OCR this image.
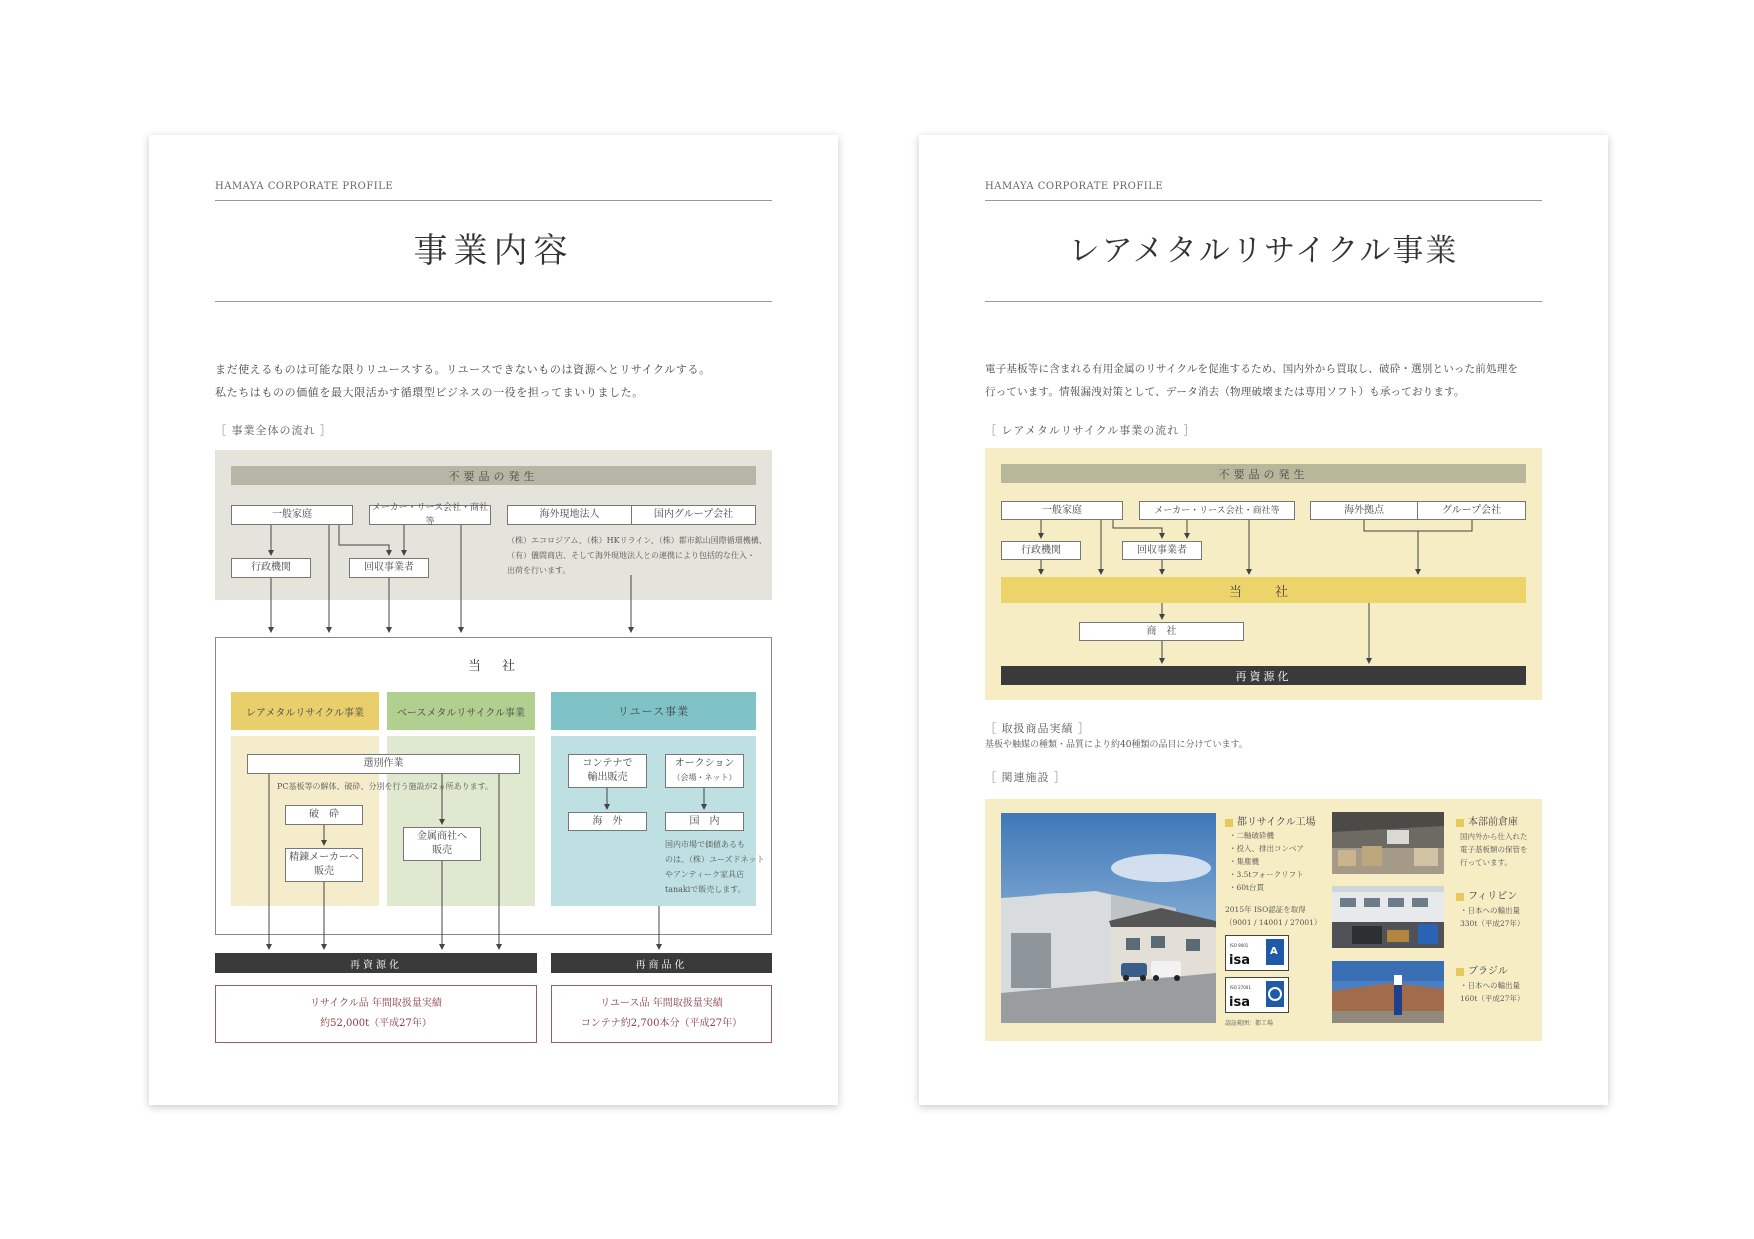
HAMAYA CORPORATE PROFILE
事業内容
まだ使えるものは可能な限りリユースする。リユースできないものは資源へとリサイクルする。
私たちはものの価値を最大限活かす循環型ビジネスの一役を担ってまいりました。
［ 事業全体の流れ ］
不要品の発生
一般家庭
メーカー・リース会社・商社等
海外現地法人	国内グループ会社
行政機関	回収事業者
（株）エコロジアム、（株）HKリライン、（株）都市鉱山国際循環機構、
（有）儀間商店、そして海外現地法人との連携により包括的な仕入・
出荷を行います。
当　社
レアメタルリサイクル事業	ベースメタルリサイクル事業	リユース事業
選別作業
PC基板等の解体、破砕、分別を行う施設が2ヵ所あります。
破　砕
精錬メーカーへ
販売
金属商社へ
販売
コンテナで
輸出販売
オークション
（会場・ネット）
海　外	国　内
国内市場で価値あるも
のは、（株）ユーズドネット
やアンティーク家具店
tanakiで販売します。
再資源化	再商品化
リサイクル品 年間取扱量実績
約52,000t（平成27年）
リユース品 年間取扱量実績
コンテナ約2,700本分（平成27年）
HAMAYA CORPORATE PROFILE
レアメタルリサイクル事業
電子基板等に含まれる有用金属のリサイクルを促進するため、国内外から買取し、破砕・選別といった前処理を
行っています。情報漏洩対策として、データ消去（物理破壊または専用ソフト）も承っております。
［ レアメタルリサイクル事業の流れ ］
不要品の発生
一般家庭	メーカー・リース会社・商社等	海外拠点	グループ会社
行政機関	回収事業者
当　社
商　社
再資源化
［ 取扱商品実績 ］
基板や触媒の種類・品質により約40種類の品目に分けています。
［ 関連施設 ］
都リサイクル工場
・二軸破砕機
・投入、排出コンベア
・集塵機
・3.5tフォークリフト
・60t台貫
2015年 ISO認証を取得
（9001 / 14001 / 27001）
ISO 9001
isa
A
ISO 27001
isa
認証範囲：都工場
本部前倉庫
国内外から仕入れた
電子基板類の保管を
行っています。
フィリピン
・日本への輸出量
330t（平成27年）
ブラジル
・日本への輸出量
160t（平成27年）
